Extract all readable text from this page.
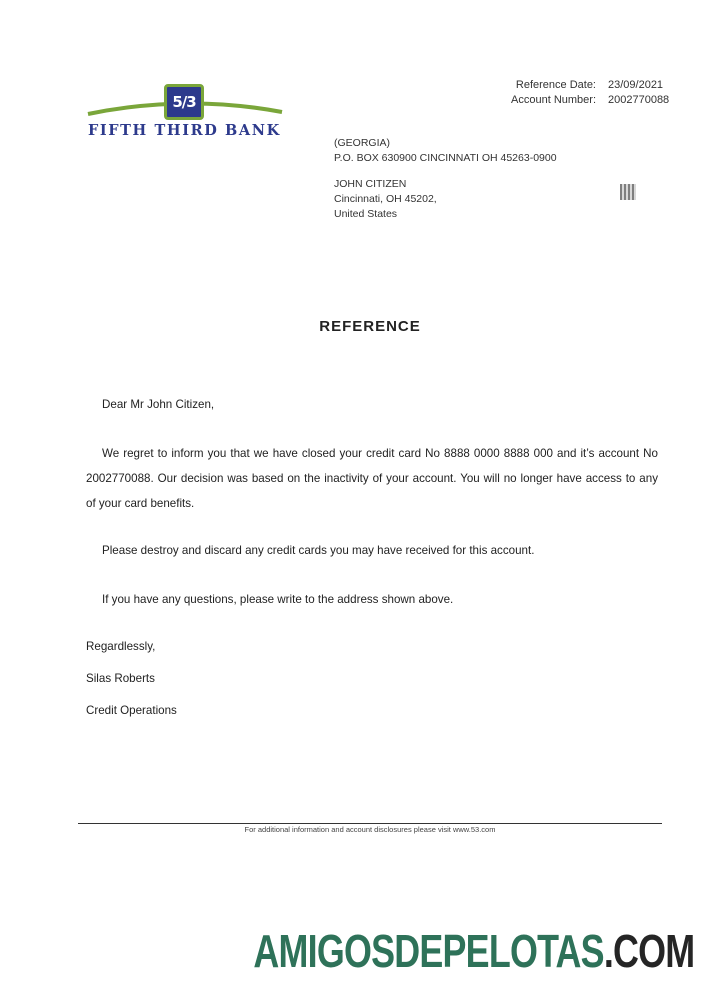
5/3
FIFTH THIRD BANK
Reference Date:	23/09/2021
Account Number:	2002770088
(GEORGIA)
P.O. BOX 630900 CINCINNATI OH 45263-0900
JOHN CITIZEN
Cincinnati, OH 45202,
United States
REFERENCE
Dear Mr John Citizen,
We regret to inform you that we have closed your credit card No 8888 0000 8888 000 and it’s account No 2002770088. Our decision was based on the inactivity of your account. You will no longer have access to any of your card benefits.
Please destroy and discard any credit cards you may have received for this account.
If you have any questions, please write to the address shown above.
Regardlessly,
Silas Roberts
Credit Operations
For additional information and account disclosures please visit www.53.com
AMIGOSDEPELOTAS.COM
